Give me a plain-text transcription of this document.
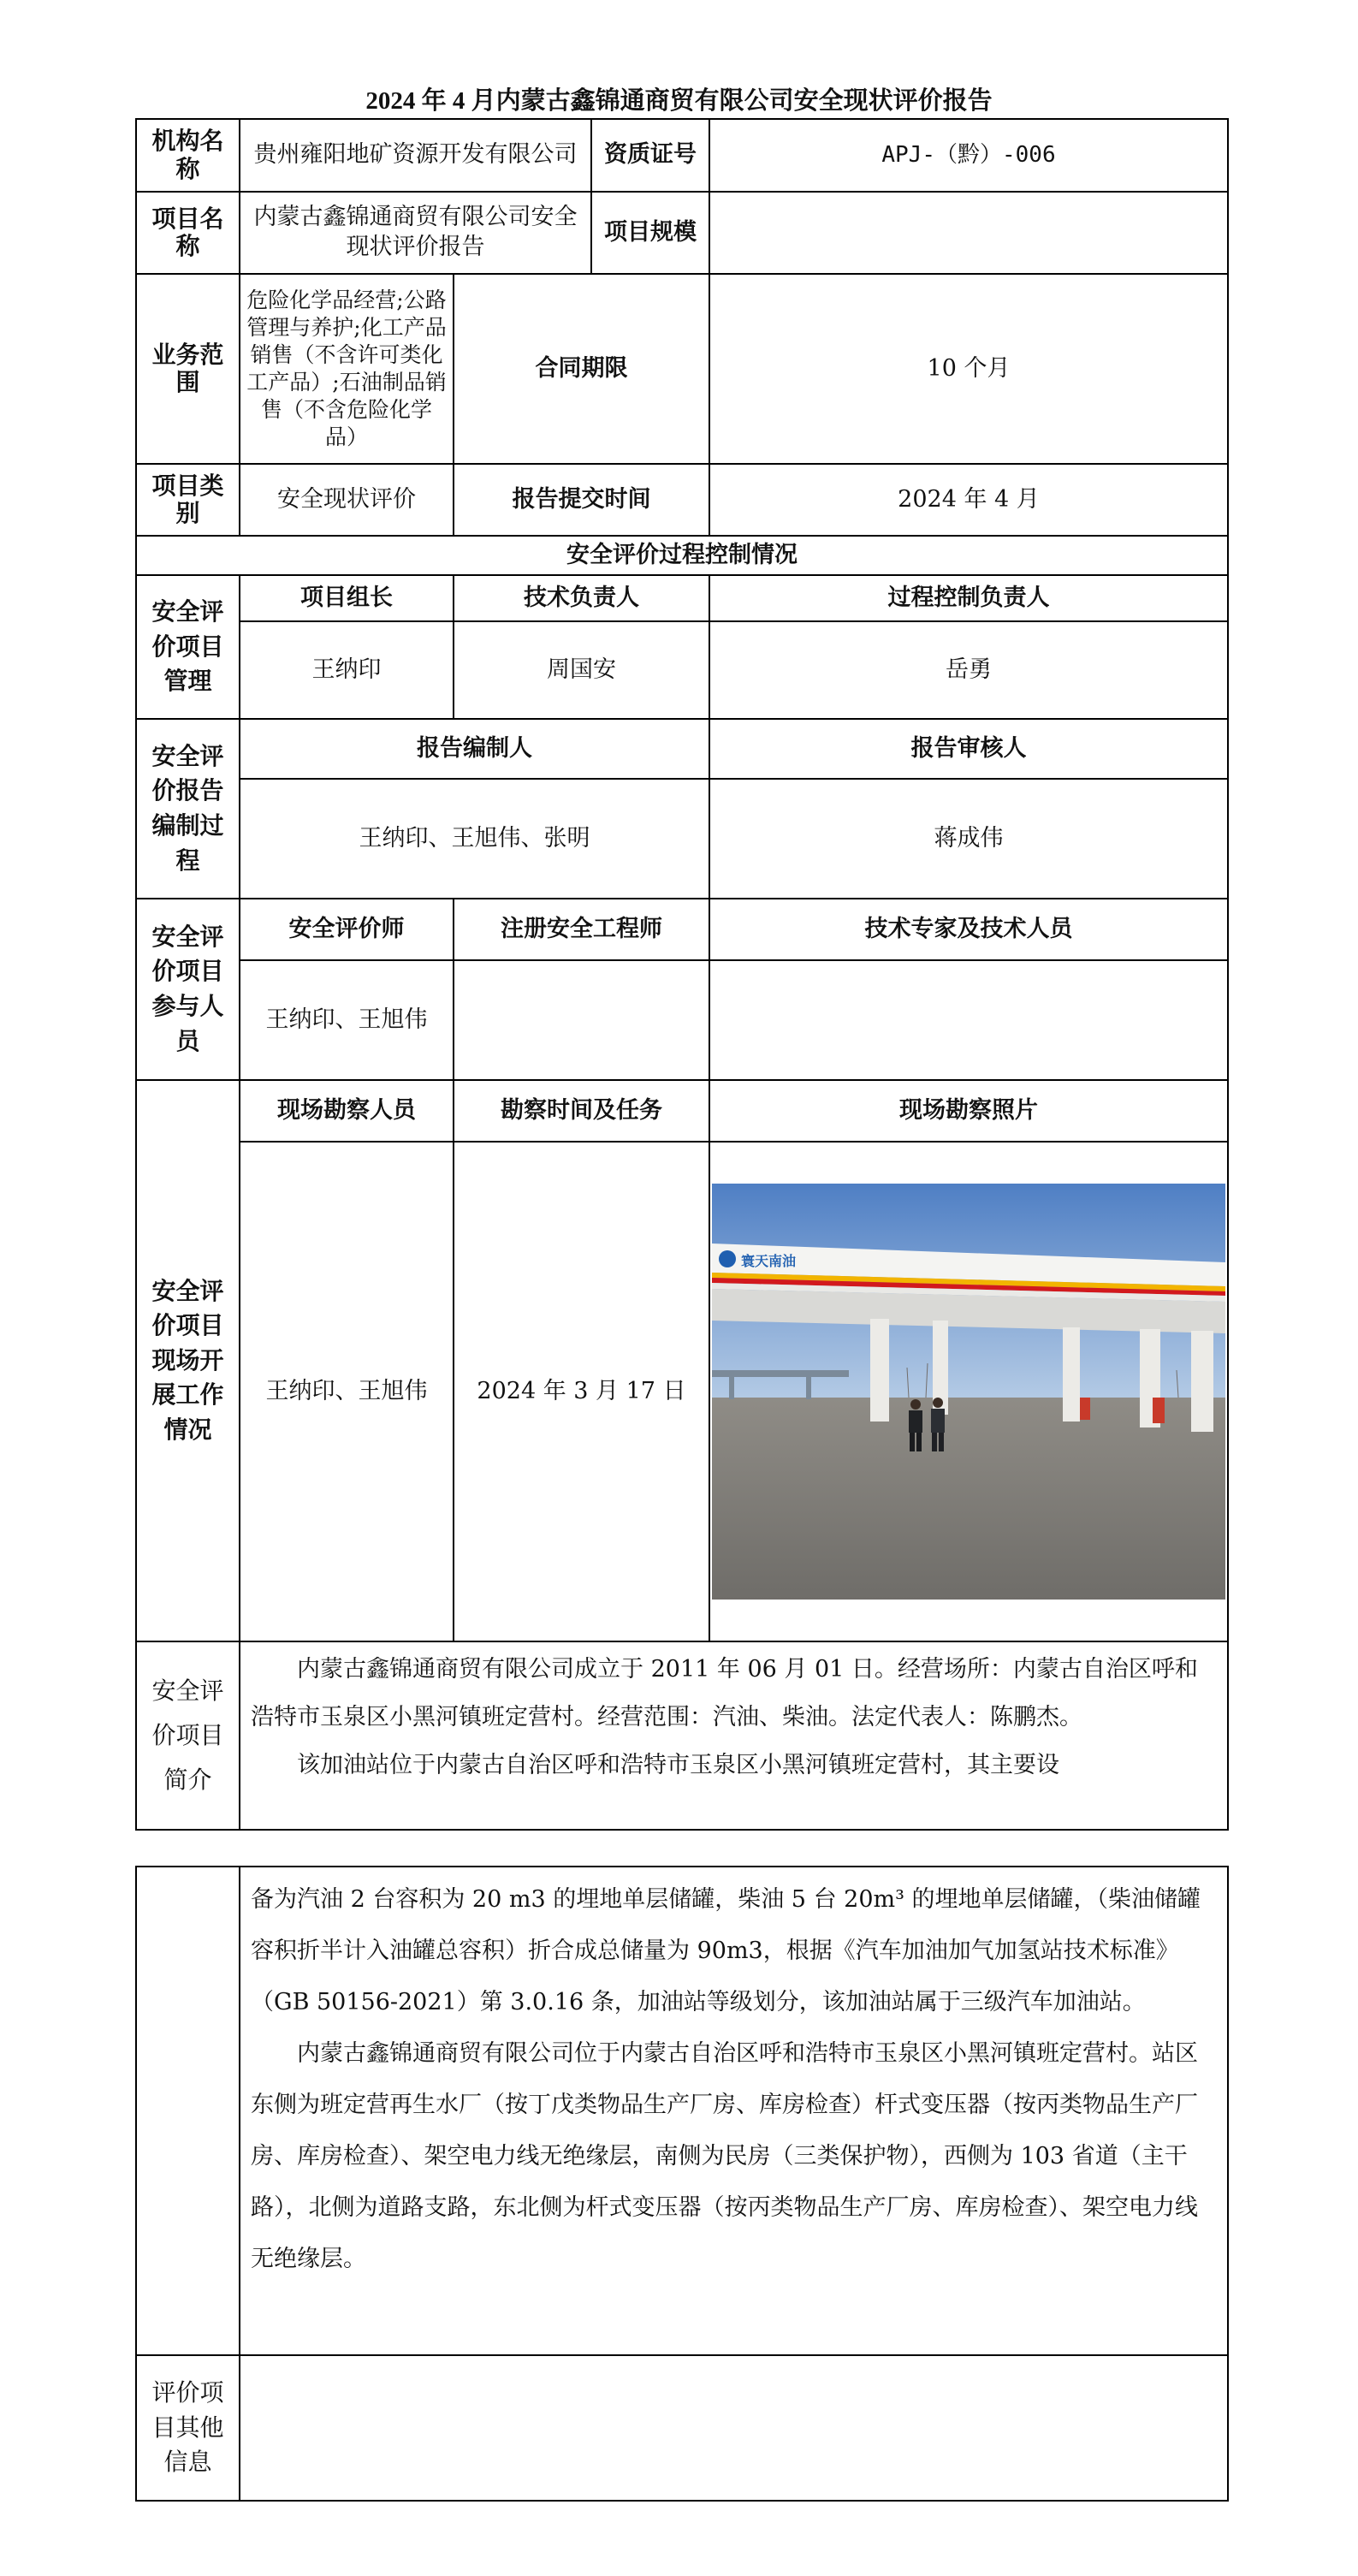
2024 年 4 月内蒙古鑫锦通商贸有限公司安全现状评价报告
机构名称	贵州雍阳地矿资源开发有限公司		资质证号	APJ-（黔）-006
项目名称	内蒙古鑫锦通商贸有限公司安全现状评价报告		项目规模	
业务范围	危险化学品经营;公路管理与养护;化工产品销售（不含许可类化工产品）;石油制品销售（不含危险化学品）	合同期限		10 个月
项目类别	安全现状评价	报告提交时间		2024 年 4 月
安全评价过程控制情况				
安全评价项目管理	项目组长	技术负责人		过程控制负责人
	王纳印	周国安		岳勇
安全评价报告编制过程	报告编制人			报告审核人
	王纳印、王旭伟、张明			蒋成伟
安全评价项目参与人员	安全评价师	注册安全工程师		技术专家及技术人员
	王纳印、王旭伟			
安全评价项目现场开展工作情况	现场勘察人员	勘察时间及任务		现场勘察照片
	王纳印、王旭伟	2024 年 3 月 17 日		寰天南油

安全评价项目简介	内蒙古鑫锦通商贸有限公司成立于 2011 年 06 月 01 日。经营场所：内蒙古自治区呼和浩特市玉泉区小黑河镇班定营村。经营范围：汽油、柴油。法定代表人：陈鹏杰。

该加油站位于内蒙古自治区呼和浩特市玉泉区小黑河镇班定营村，其主要设			

	备为汽油 2 台容积为 20 m3 的埋地单层储罐，柴油 5 台 20m³ 的埋地单层储罐，（柴油储罐容积折半计入油罐总容积）折合成总储量为 90m3，根据《汽车加油加气加氢站技术标准》（GB 50156-2021）第 3.0.16 条，加油站等级划分，该加油站属于三级汽车加油站。

内蒙古鑫锦通商贸有限公司位于内蒙古自治区呼和浩特市玉泉区小黑河镇班定营村。站区东侧为班定营再生水厂（按丁戊类物品生产厂房、库房检查）杆式变压器（按丙类物品生产厂房、库房检查）、架空电力线无绝缘层，南侧为民房（三类保护物），西侧为 103 省道（主干路），北侧为道路支路，东北侧为杆式变压器（按丙类物品生产厂房、库房检查）、架空电力线无绝缘层。

评价项目其他信息	
